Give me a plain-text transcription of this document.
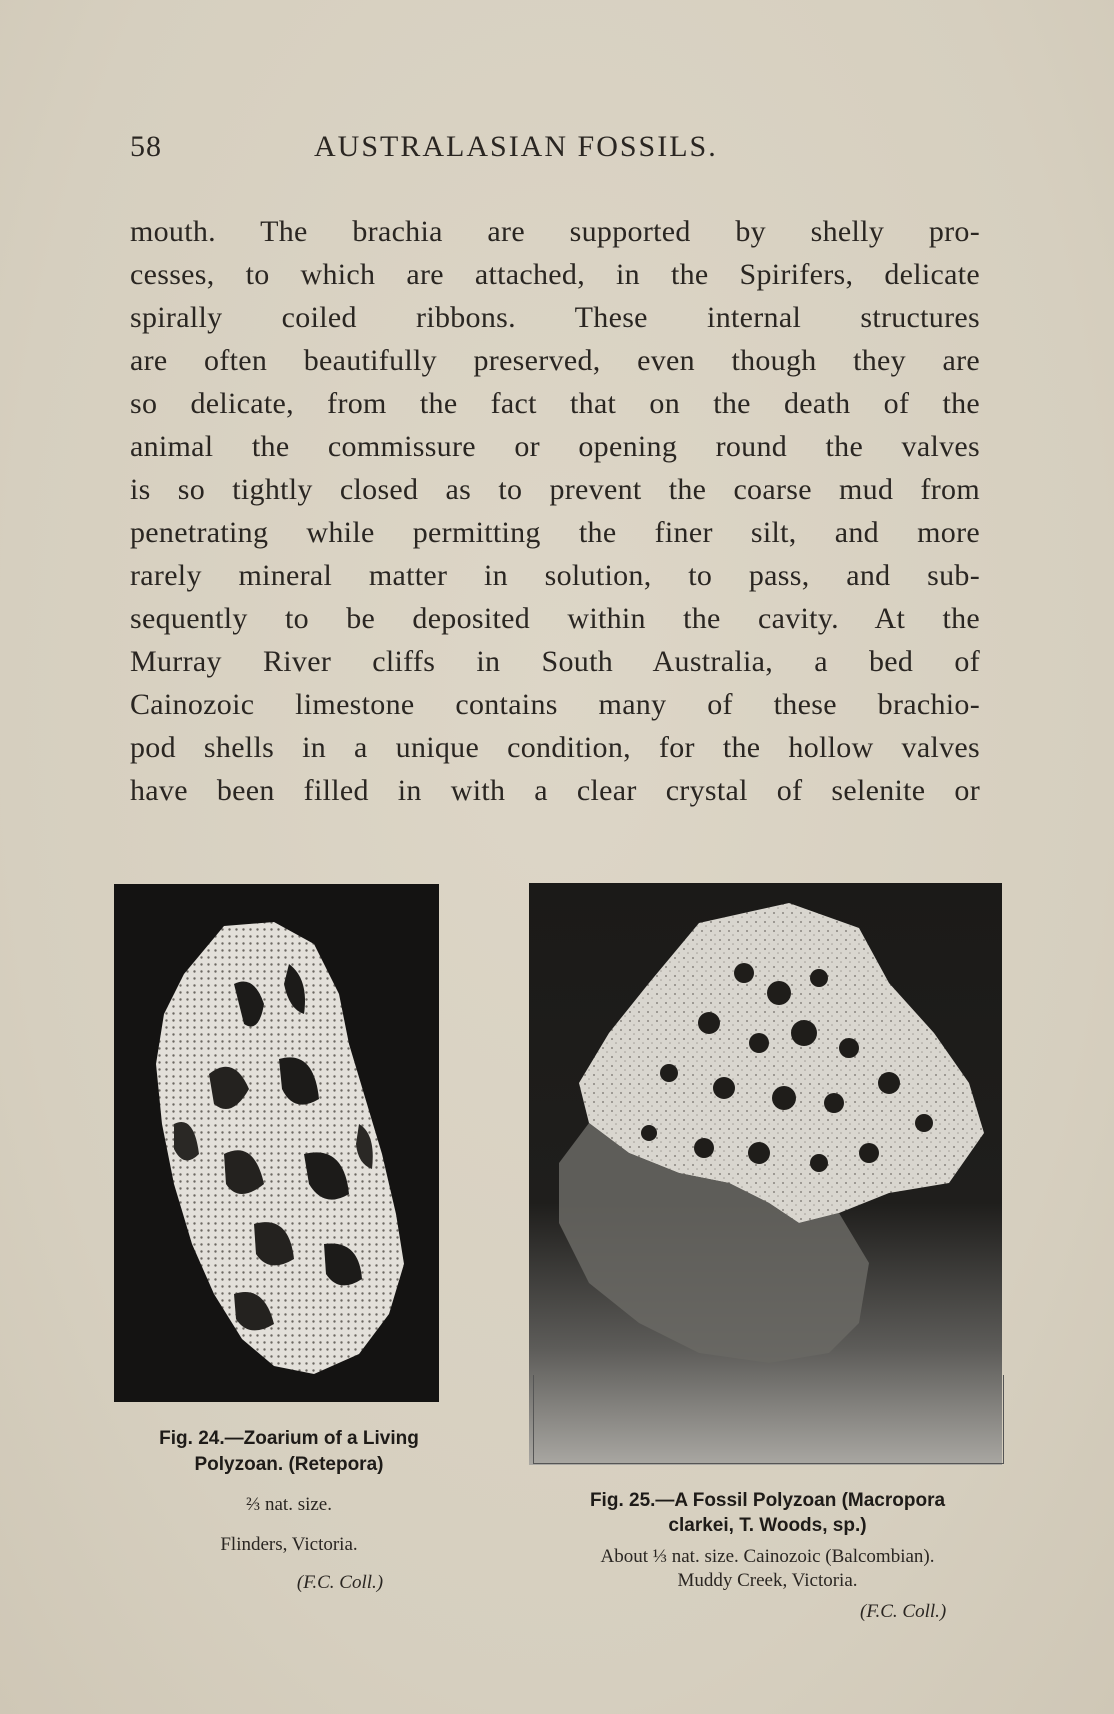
58	AUSTRALASIAN FOSSILS.
mouth. The brachia are supported by shelly pro-
cesses, to which are attached, in the Spirifers, delicate
spirally coiled ribbons. These internal structures
are often beautifully preserved, even though they are
so delicate, from the fact that on the death of the
animal the commissure or opening round the valves
is so tightly closed as to prevent the coarse mud from
penetrating while permitting the finer silt, and more
rarely mineral matter in solution, to pass, and sub-
sequently to be deposited within the cavity. At the
Murray River cliffs in South Australia, a bed of
Cainozoic limestone contains many of these brachio-
pod shells in a unique condition, for the hollow valves
have been filled in with a clear crystal of selenite or
Fig. 24.—Zoarium of a Living
Polyzoan. (Retepora)
⅔ nat. size.
Flinders, Victoria.
(F.C. Coll.)
Fig. 25.—A Fossil Polyzoan (Macropora
clarkei, T. Woods, sp.)
About ⅓ nat. size. Cainozoic (Balcombian).
Muddy Creek, Victoria.
(F.C. Coll.)
